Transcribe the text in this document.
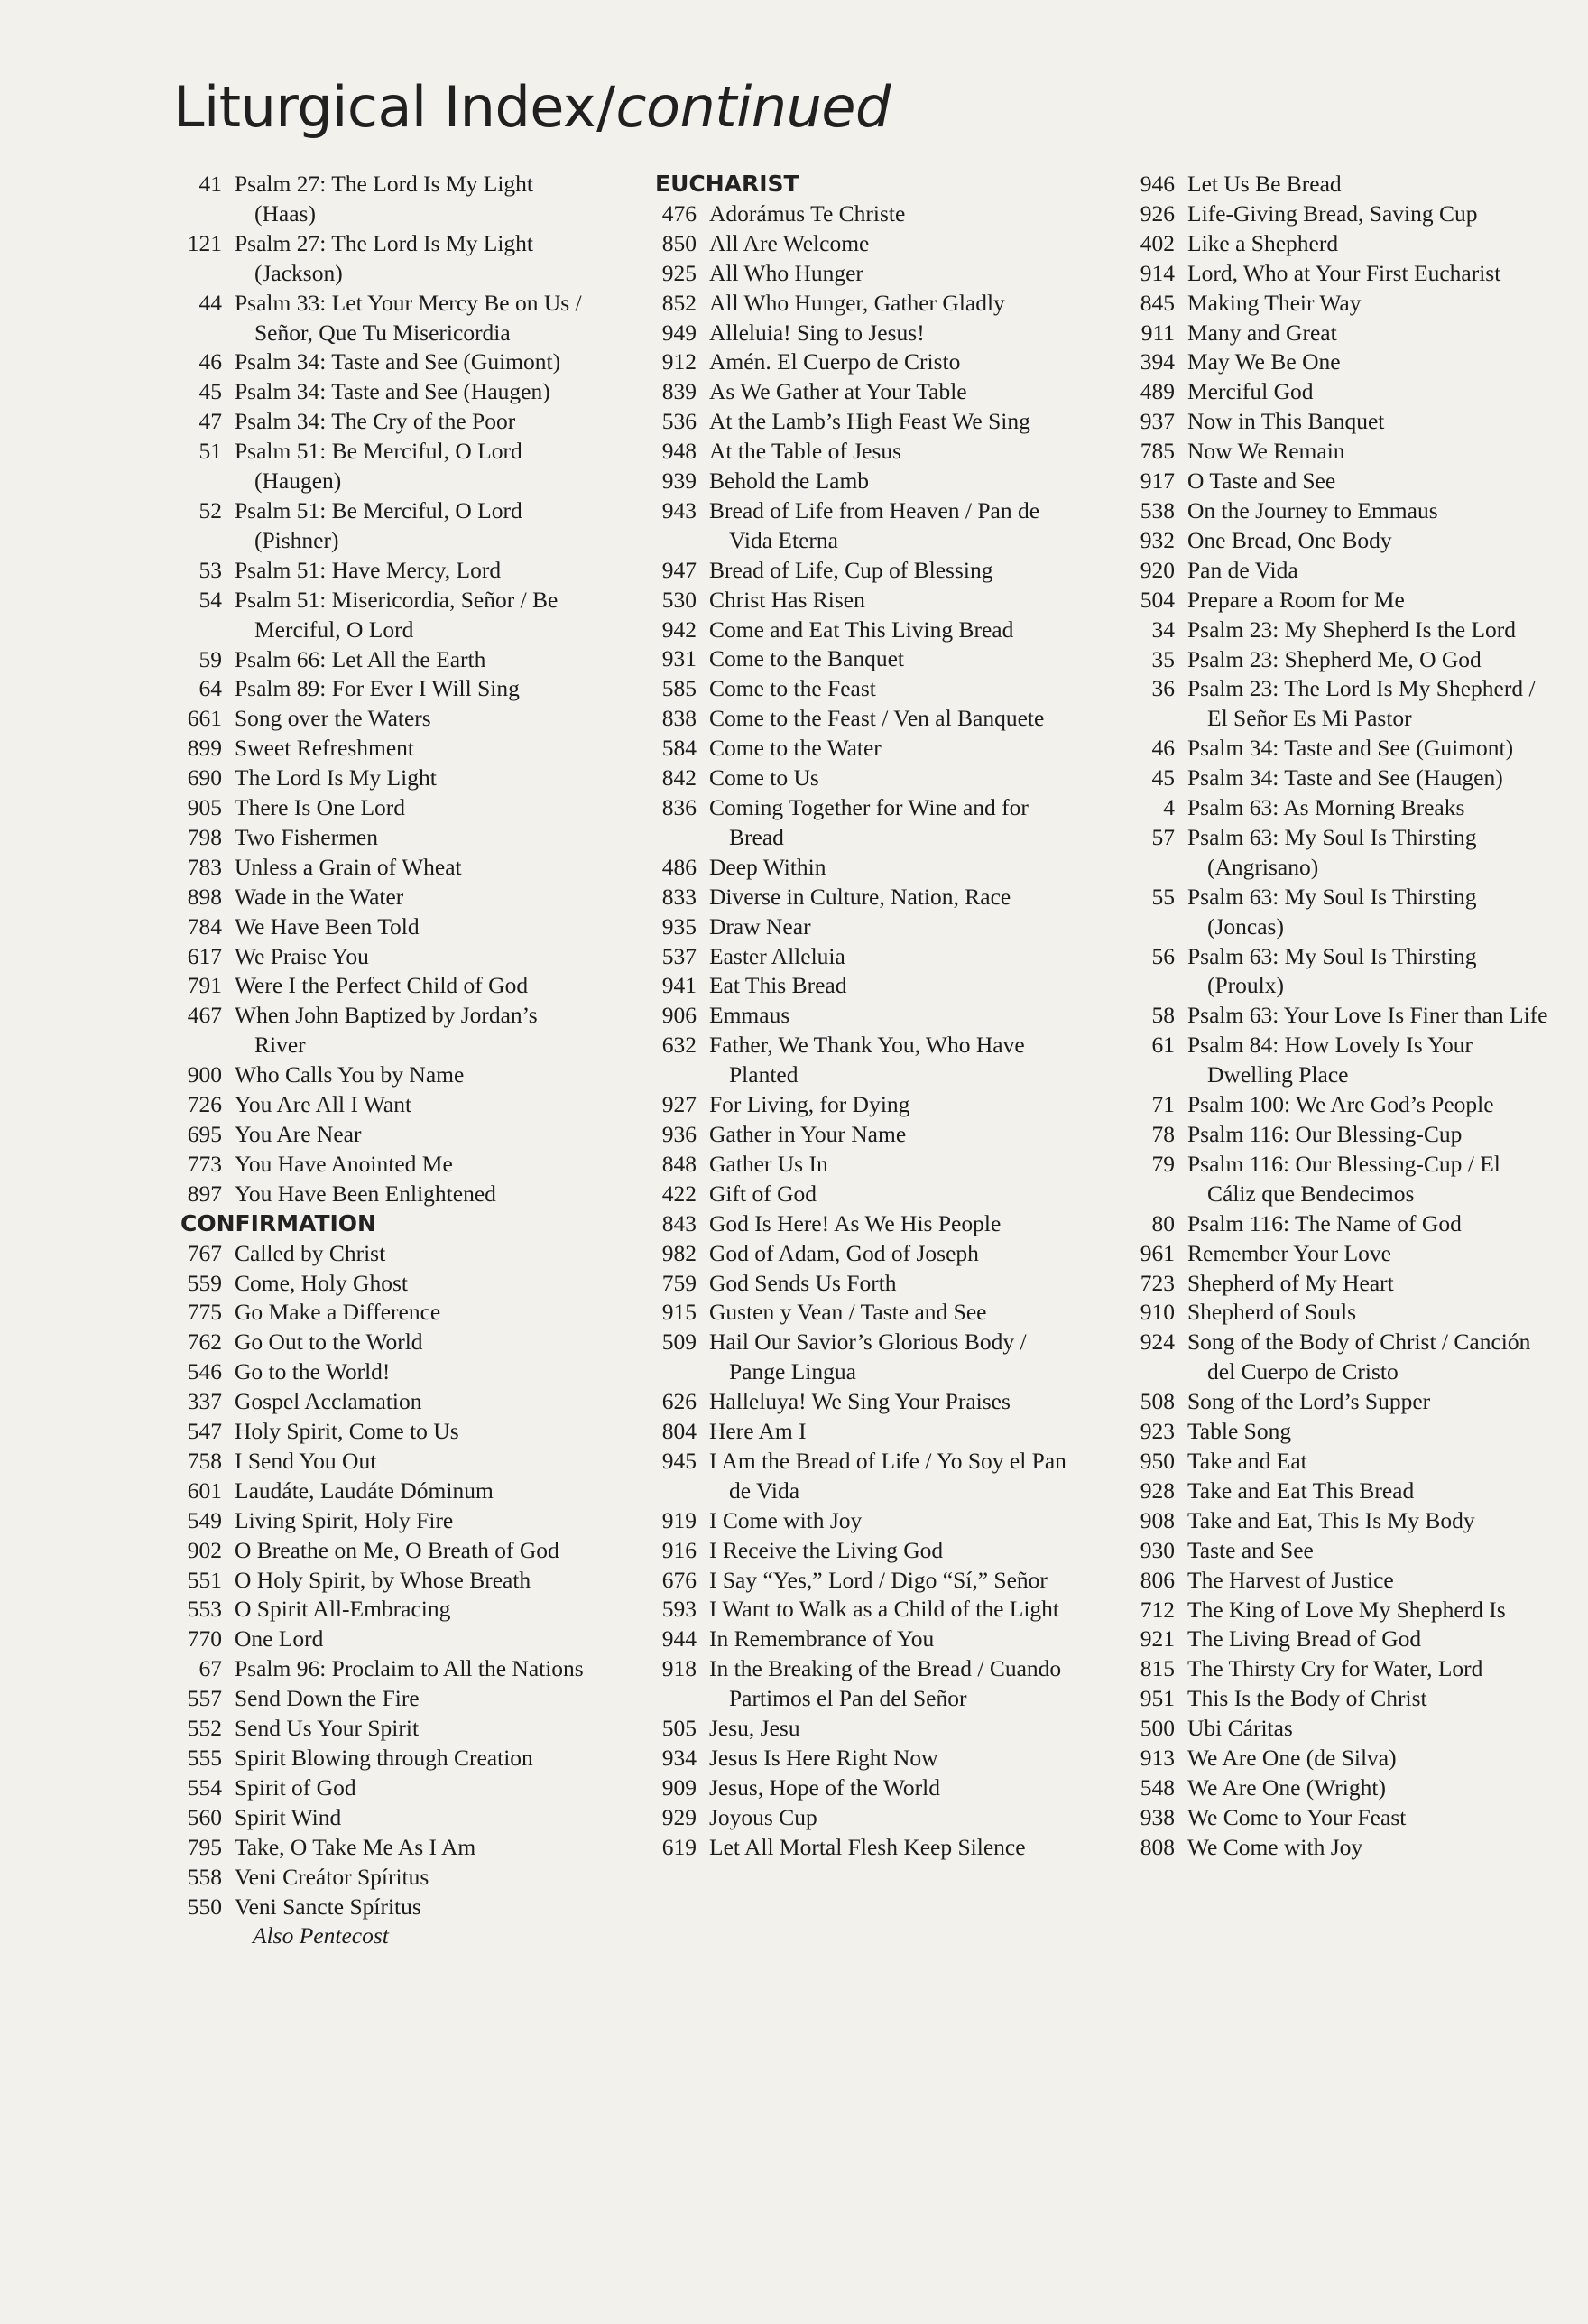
Liturgical Index/continued
41 Psalm 27: The Lord Is My Light (Haas)
121 Psalm 27: The Lord Is My Light (Jackson)
44 Psalm 33: Let Your Mercy Be on Us / Señor, Que Tu Misericordia
46 Psalm 34: Taste and See (Guimont)
45 Psalm 34: Taste and See (Haugen)
47 Psalm 34: The Cry of the Poor
51 Psalm 51: Be Merciful, O Lord (Haugen)
52 Psalm 51: Be Merciful, O Lord (Pishner)
53 Psalm 51: Have Mercy, Lord
54 Psalm 51: Misericordia, Señor / Be Merciful, O Lord
59 Psalm 66: Let All the Earth
64 Psalm 89: For Ever I Will Sing
661 Song over the Waters
899 Sweet Refreshment
690 The Lord Is My Light
905 There Is One Lord
798 Two Fishermen
783 Unless a Grain of Wheat
898 Wade in the Water
784 We Have Been Told
617 We Praise You
791 Were I the Perfect Child of God
467 When John Baptized by Jordan’s River
900 Who Calls You by Name
726 You Are All I Want
695 You Are Near
773 You Have Anointed Me
897 You Have Been Enlightened
CONFIRMATION
767 Called by Christ
559 Come, Holy Ghost
775 Go Make a Difference
762 Go Out to the World
546 Go to the World!
337 Gospel Acclamation
547 Holy Spirit, Come to Us
758 I Send You Out
601 Laudáte, Laudáte Dóminum
549 Living Spirit, Holy Fire
902 O Breathe on Me, O Breath of God
551 O Holy Spirit, by Whose Breath
553 O Spirit All-Embracing
770 One Lord
67 Psalm 96: Proclaim to All the Nations
557 Send Down the Fire
552 Send Us Your Spirit
555 Spirit Blowing through Creation
554 Spirit of God
560 Spirit Wind
795 Take, O Take Me As I Am
558 Veni Creátor Spíritus
550 Veni Sancte Spíritus
Also Pentecost
EUCHARIST
476 Adorámus Te Christe
850 All Are Welcome
925 All Who Hunger
852 All Who Hunger, Gather Gladly
949 Alleluia! Sing to Jesus!
912 Amén. El Cuerpo de Cristo
839 As We Gather at Your Table
536 At the Lamb’s High Feast We Sing
948 At the Table of Jesus
939 Behold the Lamb
943 Bread of Life from Heaven / Pan de Vida Eterna
947 Bread of Life, Cup of Blessing
530 Christ Has Risen
942 Come and Eat This Living Bread
931 Come to the Banquet
585 Come to the Feast
838 Come to the Feast / Ven al Banquete
584 Come to the Water
842 Come to Us
836 Coming Together for Wine and for Bread
486 Deep Within
833 Diverse in Culture, Nation, Race
935 Draw Near
537 Easter Alleluia
941 Eat This Bread
906 Emmaus
632 Father, We Thank You, Who Have Planted
927 For Living, for Dying
936 Gather in Your Name
848 Gather Us In
422 Gift of God
843 God Is Here! As We His People
982 God of Adam, God of Joseph
759 God Sends Us Forth
915 Gusten y Vean / Taste and See
509 Hail Our Savior’s Glorious Body / Pange Lingua
626 Halleluya! We Sing Your Praises
804 Here Am I
945 I Am the Bread of Life / Yo Soy el Pan de Vida
919 I Come with Joy
916 I Receive the Living God
676 I Say “Yes,” Lord / Digo “Sí,” Señor
593 I Want to Walk as a Child of the Light
944 In Remembrance of You
918 In the Breaking of the Bread / Cuando Partimos el Pan del Señor
505 Jesu, Jesu
934 Jesus Is Here Right Now
909 Jesus, Hope of the World
929 Joyous Cup
619 Let All Mortal Flesh Keep Silence
946 Let Us Be Bread
926 Life-Giving Bread, Saving Cup
402 Like a Shepherd
914 Lord, Who at Your First Eucharist
845 Making Their Way
911 Many and Great
394 May We Be One
489 Merciful God
937 Now in This Banquet
785 Now We Remain
917 O Taste and See
538 On the Journey to Emmaus
932 One Bread, One Body
920 Pan de Vida
504 Prepare a Room for Me
34 Psalm 23: My Shepherd Is the Lord
35 Psalm 23: Shepherd Me, O God
36 Psalm 23: The Lord Is My Shepherd / El Señor Es Mi Pastor
46 Psalm 34: Taste and See (Guimont)
45 Psalm 34: Taste and See (Haugen)
4 Psalm 63: As Morning Breaks
57 Psalm 63: My Soul Is Thirsting (Angrisano)
55 Psalm 63: My Soul Is Thirsting (Joncas)
56 Psalm 63: My Soul Is Thirsting (Proulx)
58 Psalm 63: Your Love Is Finer than Life
61 Psalm 84: How Lovely Is Your Dwelling Place
71 Psalm 100: We Are God’s People
78 Psalm 116: Our Blessing-Cup
79 Psalm 116: Our Blessing-Cup / El Cáliz que Bendecimos
80 Psalm 116: The Name of God
961 Remember Your Love
723 Shepherd of My Heart
910 Shepherd of Souls
924 Song of the Body of Christ / Canción del Cuerpo de Cristo
508 Song of the Lord’s Supper
923 Table Song
950 Take and Eat
928 Take and Eat This Bread
908 Take and Eat, This Is My Body
930 Taste and See
806 The Harvest of Justice
712 The King of Love My Shepherd Is
921 The Living Bread of God
815 The Thirsty Cry for Water, Lord
951 This Is the Body of Christ
500 Ubi Cáritas
913 We Are One (de Silva)
548 We Are One (Wright)
938 We Come to Your Feast
808 We Come with Joy
